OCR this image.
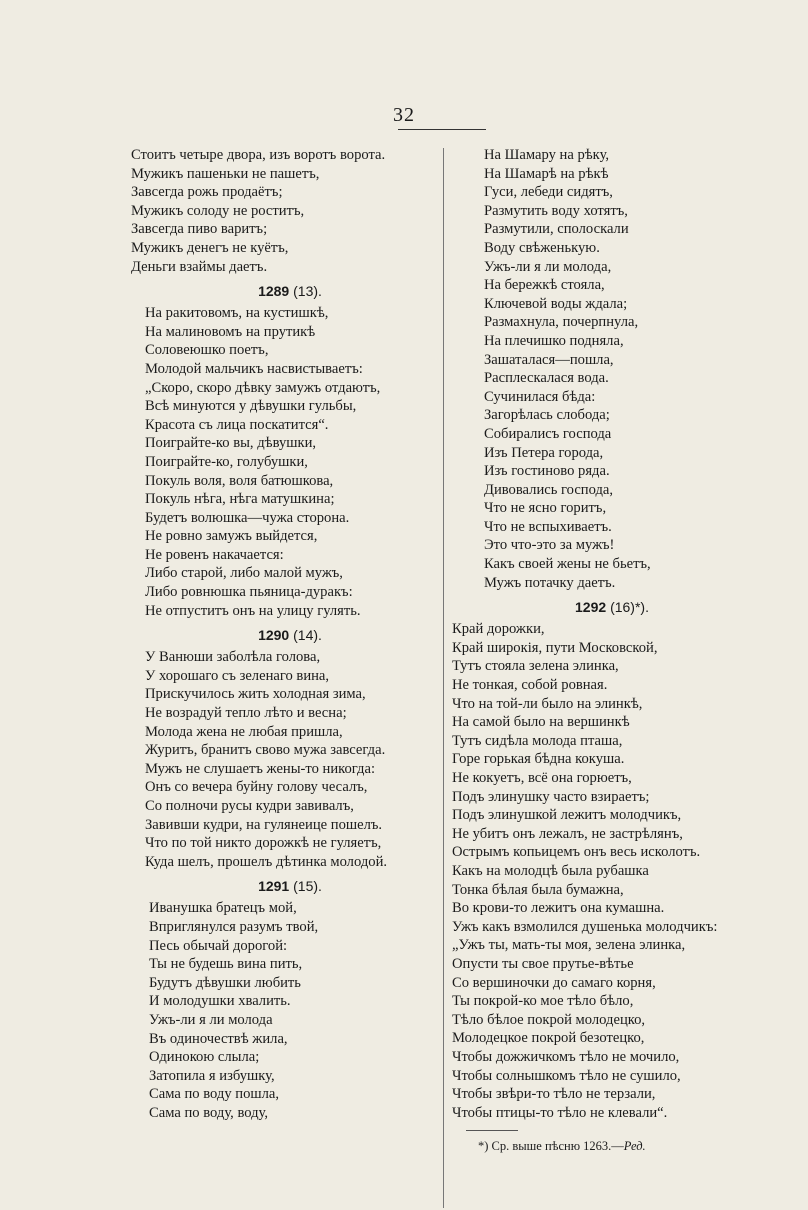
32
Стоитъ четыре двора, изъ воротъ ворота.
Мужикъ пашеньки не пашетъ,
Завсегда рожь продаётъ;
Мужикъ солоду не роститъ,
Завсегда пиво варитъ;
Мужикъ денегъ не куётъ,
Деньги взаймы даетъ.
1289 (13).
На ракитовомъ, на кустишкѣ,
На малиновомъ на прутикѣ
Соловеюшко поетъ,
Молодой мальчикъ насвистываетъ:
„Скоро, скоро дѣвку замужъ отдаютъ,
Всѣ минуются у дѣвушки гульбы,
Красота съ лица поскатится“.
Поиграйте-ко вы, дѣвушки,
Поиграйте-ко, голубушки,
Покуль воля, воля батюшкова,
Покуль нѣга, нѣга матушкина;
Будетъ волюшка—чужа сторона.
Не ровно замужъ выйдется,
Не ровенъ накачается:
Либо старой, либо малой мужъ,
Либо ровнюшка пьяница-дуракъ:
Не отпуститъ онъ на улицу гулять.
1290 (14).
У Ванюши заболѣла голова,
У хорошаго съ зеленаго вина,
Прискучилось жить холодная зима,
Не возрадуй тепло лѣто и весна;
Молода жена не любая пришла,
Журитъ, бранитъ свово мужа завсегда.
Мужъ не слушаетъ жены-то никогда:
Онъ со вечера буйну голову чесалъ,
Со полночи русы кудри завивалъ,
Завивши кудри, на гулянеице пошелъ.
Что по той никто дорожкѣ не гуляетъ,
Куда шелъ, прошелъ дѣтинка молодой.
1291 (15).
Иванушка братецъ мой,
Вприглянулся разумъ твой,
Песь обычай дорогой:
Ты не будешь вина пить,
Будутъ дѣвушки любить
И молодушки хвалить.
Ужъ-ли я ли молода
Въ одиночествѣ жила,
Одинокою слыла;
Затопила я избушку,
Сама по воду пошла,
Сама по воду, воду,
На Шамару на рѣку,
На Шамарѣ на рѣкѣ
Гуси, лебеди сидятъ,
Размутить воду хотятъ,
Размутили, сполоскали
Воду свѣженькую.
Ужъ-ли я ли молода,
На бережкѣ стояла,
Ключевой воды ждала;
Размахнула, почерпнула,
На плечишко подняла,
Зашаталася—пошла,
Расплескалася вода.
Сучинилася бѣда:
Загорѣлась слобода;
Собиралисъ господа
Изъ Петера города,
Изъ гостиново ряда.
Дивовались господа,
Что не ясно горитъ,
Что не вспыхиваетъ.
Это что-это за мужъ!
Какъ своей жены не бьетъ,
Мужъ потачку даетъ.
1292 (16)*).
Край дорожки,
Край широкія, пути Московской,
Тутъ стояла зелена элинка,
Не тонкая, собой ровная.
Что на той-ли было на элинкѣ,
На самой было на вершинкѣ
Тутъ сидѣла молода пташа,
Горе горькая бѣдна кокуша.
Не кокуетъ, всё она горюетъ,
Подъ элинушку часто взираетъ;
Подъ элинушкой лежитъ молодчикъ,
Не убитъ онъ лежалъ, не застрѣлянъ,
Острымъ копьицемъ онъ весь исколотъ.
Какъ на молодцѣ была рубашка
Тонка бѣлая была бумажна,
Во крови-то лежитъ она кумашна.
Ужъ какъ взмолился душенька молодчикъ:
„Ужъ ты, мать-ты моя, зелена элинка,
Опусти ты свое прутье-вѣтье
Со вершиночки до самаго корня,
Ты покрой-ко мое тѣло бѣло,
Тѣло бѣлое покрой молодецко,
Молодецкое покрой безотецко,
Чтобы дожжичкомъ тѣло не мочило,
Чтобы солнышкомъ тѣло не сушило,
Чтобы звѣри-то тѣло не терзали,
Чтобы птицы-то тѣло не клевали“.
*) Ср. выше пѣсню 1263.—Ред.
